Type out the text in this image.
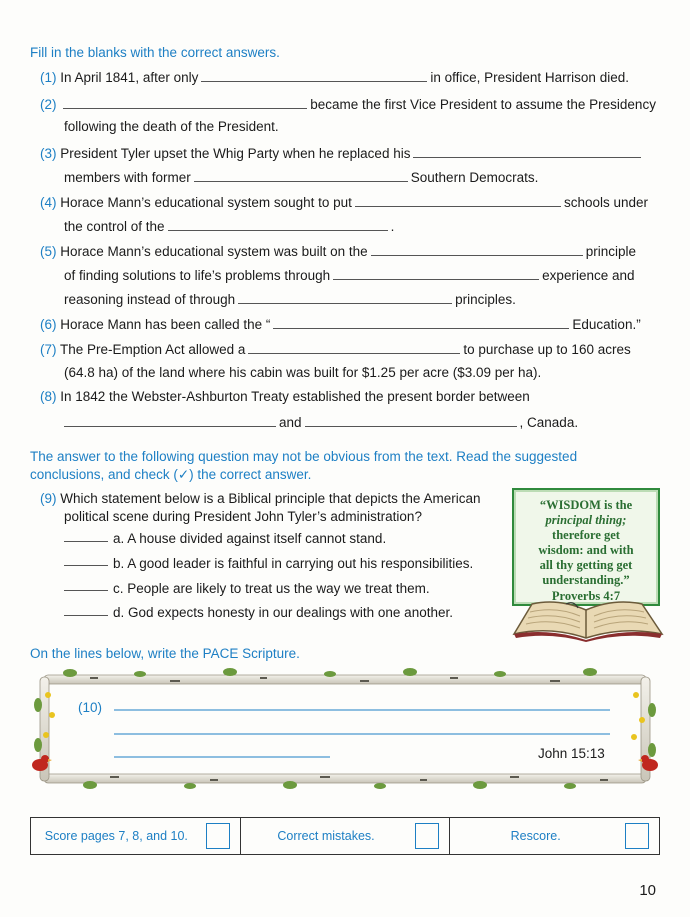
Fill in the blanks with the correct answers.
(1) In April 1841, after only	in office, President Harrison died.
(2)	became the first Vice President to assume the Presidency
following the death of the President.
(3) President Tyler upset the Whig Party when he replaced his
members with former	Southern Democrats.
(4) Horace Mann’s educational system sought to put	schools under
the control of the	.
(5) Horace Mann’s educational system was built on the	principle
of finding solutions to life’s problems through	experience and
reasoning instead of through	principles.
(6) Horace Mann has been called the “	Education.”
(7) The Pre-Emption Act allowed a	to purchase up to 160 acres
(64.8 ha) of the land where his cabin was built for $1.25 per acre ($3.09 per ha).
(8) In 1842 the Webster-Ashburton Treaty established the present border between
and	, Canada.
The answer to the following question may not be obvious from the text. Read the suggested conclusions, and check (✓) the correct answer.
(9) Which statement below is a Biblical principle that depicts the American
political scene during President John Tyler’s administration?
a. A house divided against itself cannot stand.
b. A good leader is faithful in carrying out his responsibilities.
c. People are likely to treat us the way we treat them.
d. God expects honesty in our dealings with one another.
“WISDOM is the
principal thing;
therefore get
wisdom: and with
all thy getting get
understanding.”
Proverbs 4:7
On the lines below, write the PACE Scripture.
(10)
John 15:13
Score pages 7, 8, and 10.	Correct mistakes.	Rescore.
10
